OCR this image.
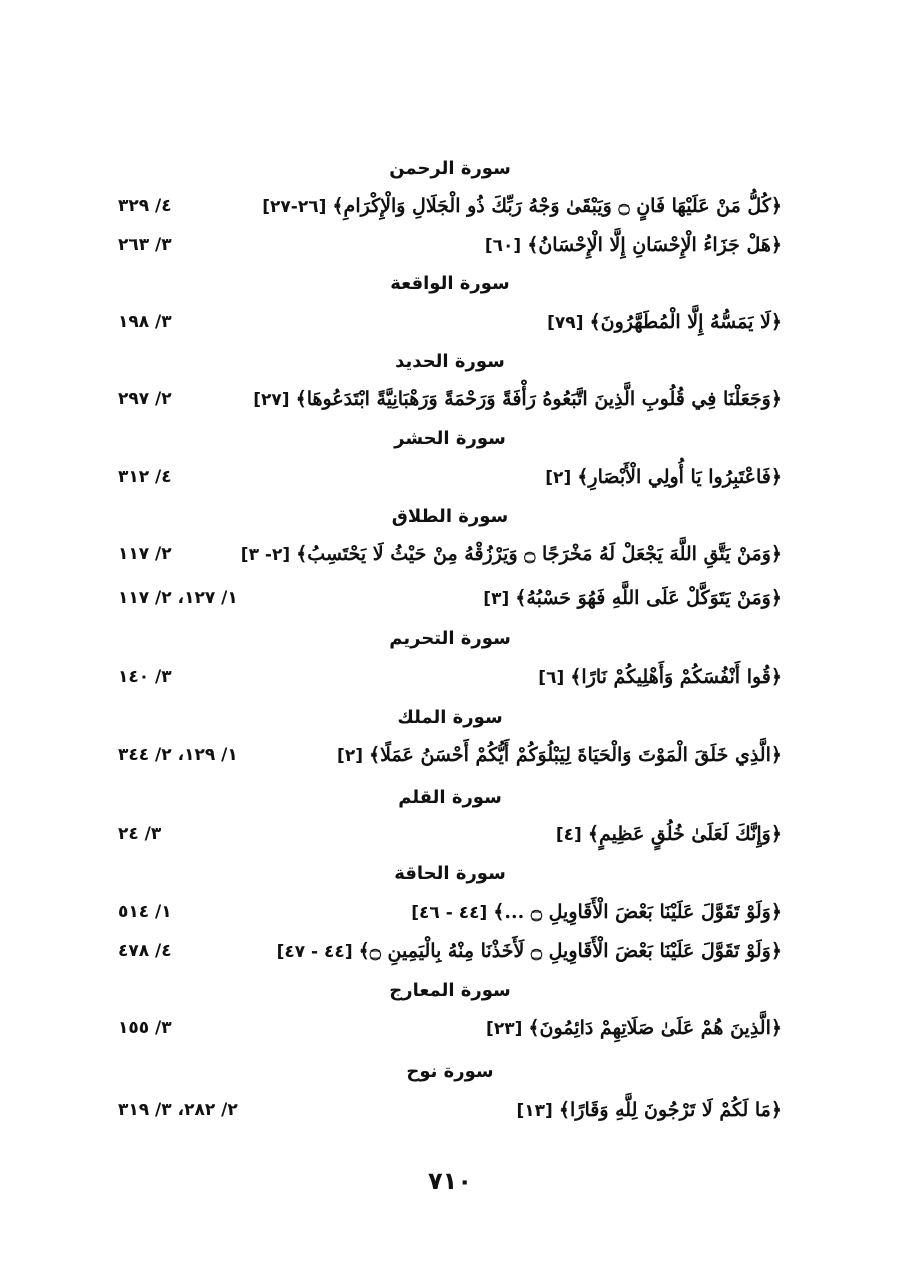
سورة الرحمن
﴿كُلُّ مَنْ عَلَيْهَا فَانٍ ۝ وَيَبْقَىٰ وَجْهُ رَبِّكَ ذُو الْجَلَالِ وَالْإِكْرَامِ﴾ [٢٦-٢٧]
٤/ ٣٢٩
﴿هَلْ جَزَاءُ الْإِحْسَانِ إِلَّا الْإِحْسَانُ﴾ [٦٠]
٣/ ٢٦٣
سورة الواقعة
﴿لَا يَمَسُّهُ إِلَّا الْمُطَهَّرُونَ﴾ [٧٩]
٣/ ١٩٨
سورة الحديد
﴿وَجَعَلْنَا فِي قُلُوبِ الَّذِينَ اتَّبَعُوهُ رَأْفَةً وَرَحْمَةً وَرَهْبَانِيَّةً ابْتَدَعُوهَا﴾ [٢٧]
٢/ ٢٩٧
سورة الحشر
﴿فَاعْتَبِرُوا يَا أُولِي الْأَبْصَارِ﴾ [٢]
٤/ ٣١٢
سورة الطلاق
﴿وَمَنْ يَتَّقِ اللَّهَ يَجْعَلْ لَهُ مَخْرَجًا ۝ وَيَرْزُقْهُ مِنْ حَيْثُ لَا يَحْتَسِبُ﴾ [٢- ٣]
٢/ ١١٧
﴿وَمَنْ يَتَوَكَّلْ عَلَى اللَّهِ فَهُوَ حَسْبُهُ﴾ [٣]
١/ ١٢٧، ٢/ ١١٧
سورة التحريم
﴿قُوا أَنْفُسَكُمْ وَأَهْلِيكُمْ نَارًا﴾ [٦]
٣/ ١٤٠
سورة الملك
﴿الَّذِي خَلَقَ الْمَوْتَ وَالْحَيَاةَ لِيَبْلُوَكُمْ أَيُّكُمْ أَحْسَنُ عَمَلًا﴾ [٢]
١/ ١٢٩، ٢/ ٣٤٤
سورة القلم
﴿وَإِنَّكَ لَعَلَىٰ خُلُقٍ عَظِيمٍ﴾ [٤]
٣/ ٢٤
سورة الحاقة
﴿وَلَوْ تَقَوَّلَ عَلَيْنَا بَعْضَ الْأَقَاوِيلِ ۝ ...﴾ [٤٤ - ٤٦]
١/ ٥١٤
﴿وَلَوْ تَقَوَّلَ عَلَيْنَا بَعْضَ الْأَقَاوِيلِ ۝ لَأَخَذْنَا مِنْهُ بِالْيَمِينِ ۝﴾ [٤٤ - ٤٧]
٤/ ٤٧٨
سورة المعارج
﴿الَّذِينَ هُمْ عَلَىٰ صَلَاتِهِمْ دَائِمُونَ﴾ [٢٣]
٣/ ١٥٥
سورة نوح
﴿مَا لَكُمْ لَا تَرْجُونَ لِلَّهِ وَقَارًا﴾ [١٣]
٢/ ٢٨٢، ٣/ ٣١٩
٧١٠
